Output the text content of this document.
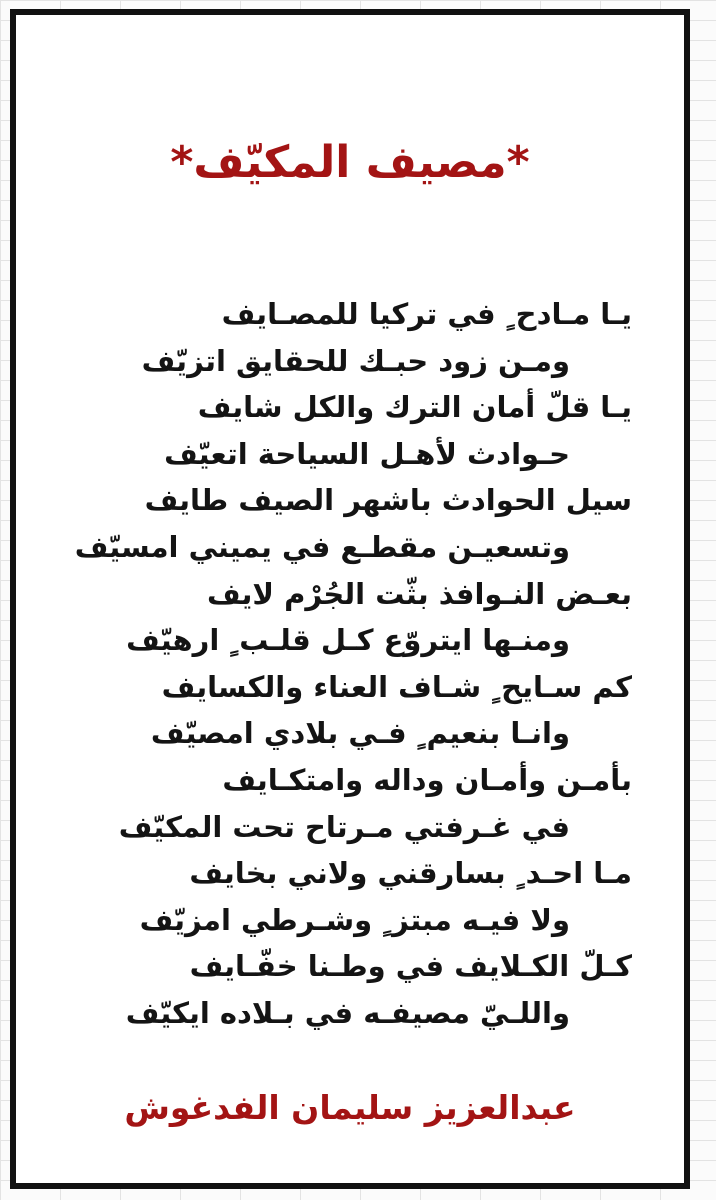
*مصيف المكيّف*
يـا مـادح ٍ في تركيا للمصـايف
ومـن زود حبـك للحقايق اتزيّف
يـا قلّ أمان الترك والكل شايف
حـوادث لأهـل السياحة اتعيّف
سيل الحوادث باشهر الصيف طايف
وتسعيـن مقطـع في يميني امسيّف
بعـض النـوافذ بثّت الجُرْم لايف
ومنـها ايتروّع كـل قلـب ٍ ارهيّف
كم سـايح ٍ شـاف العناء والكسايف
وانـا بنعيم ٍ فـي بلادي امصيّف
بأمـن وأمـان وداله وامتكـايف
في غـرفتي مـرتاح تحت المكيّف
مـا احـد ٍ بسارقني ولاني بخايف
ولا فيـه مبتز ٍ وشـرطي امزيّف
كـلّ الكـلايف في وطـنا خفّـايف
واللـيّ مصيفـه في بـلاده ايكيّف
عبدالعزيز سليمان الفدغوش
